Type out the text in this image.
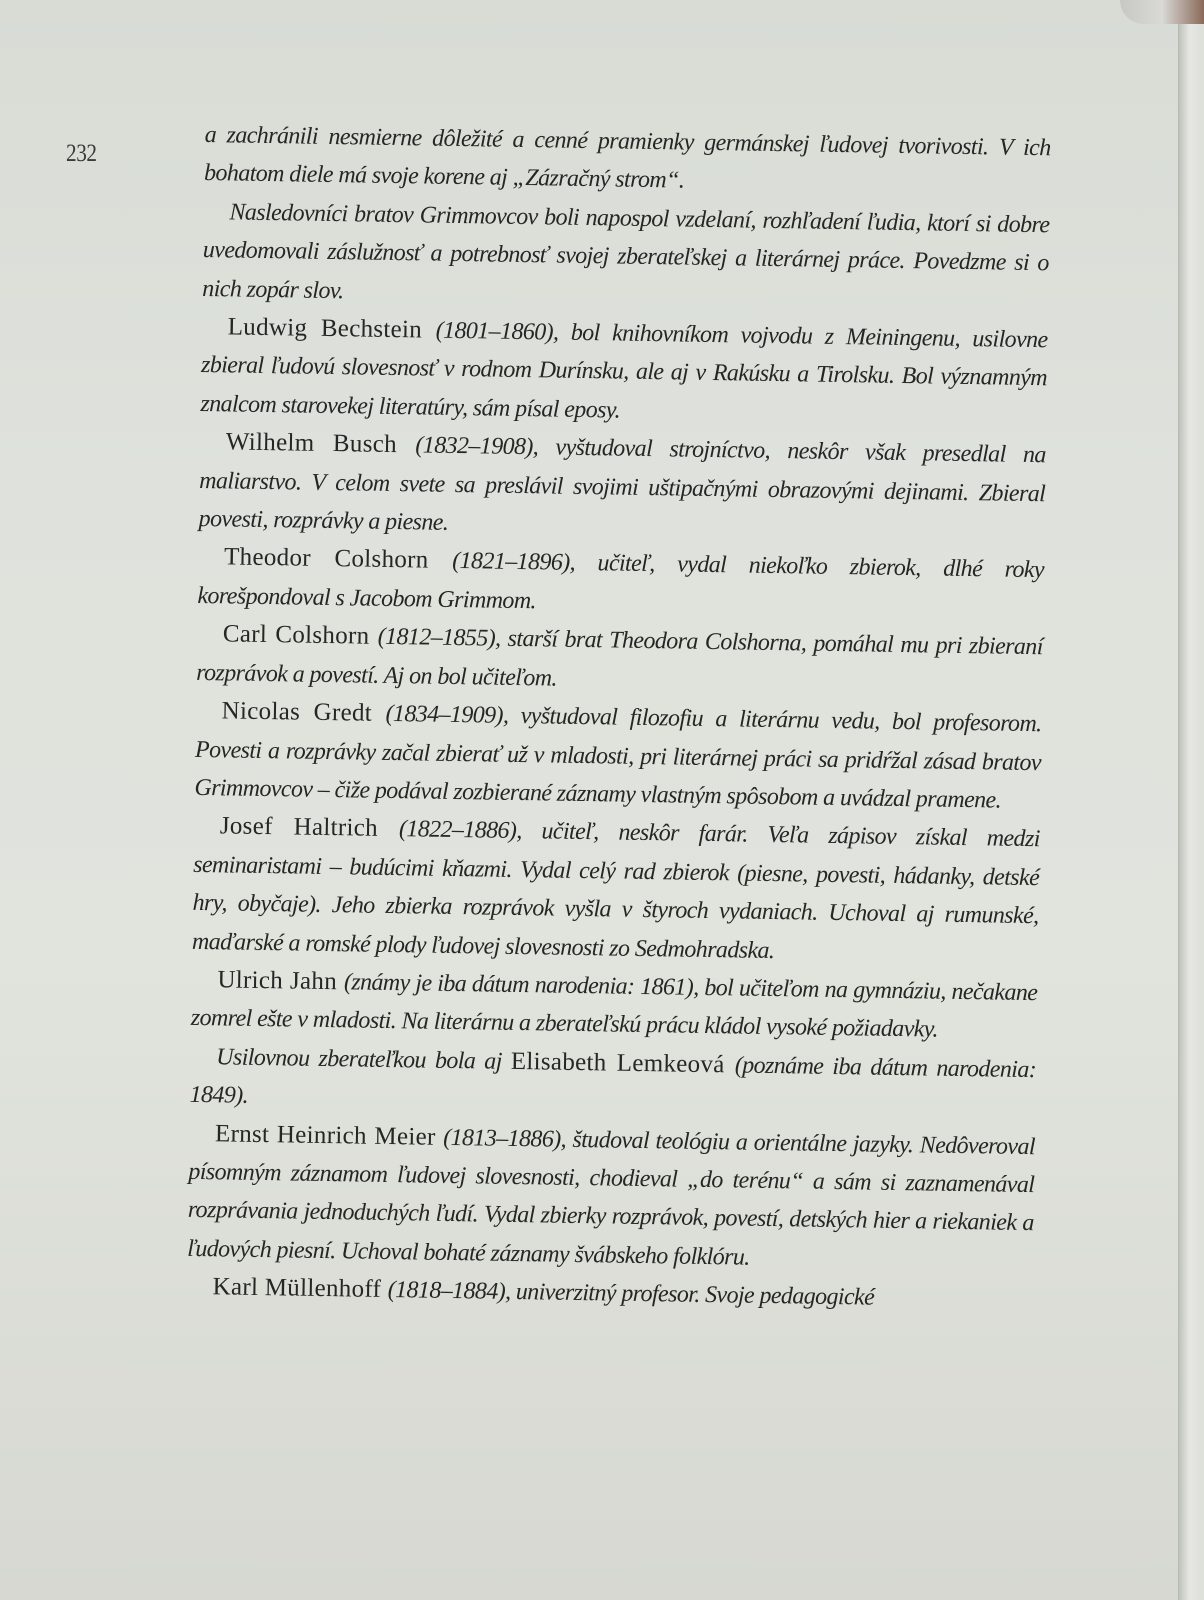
232	a zachránili nesmierne dôležité a cenné pramienky germánskej ľudovej tvorivosti. V ich bohatom diele má svoje korene aj „Zázračný strom“.

Nasledovníci bratov Grimmovcov boli napospol vzdelaní, rozhľadení ľudia, ktorí si dobre uvedomovali záslužnosť a potrebnosť svojej zberateľskej a literárnej práce. Povedzme si o nich zopár slov.

Ludwig Bechstein (1801–1860), bol knihovníkom vojvodu z Meiningenu, usilovne zbieral ľudovú slovesnosť v rodnom Durínsku, ale aj v Rakúsku a Tirolsku. Bol významným znalcom starovekej literatúry, sám písal eposy.

Wilhelm Busch (1832–1908), vyštudoval strojníctvo, neskôr však presedlal na maliarstvo. V celom svete sa preslávil svojimi uštipačnými obrazovými dejinami. Zbieral povesti, rozprávky a piesne.

Theodor Colshorn (1821–1896), učiteľ, vydal niekoľko zbierok, dlhé roky korešpondoval s Jacobom Grimmom.

Carl Colshorn (1812–1855), starší brat Theodora Colshorna, pomáhal mu pri zbieraní rozprávok a povestí. Aj on bol učiteľom.

Nicolas Gredt (1834–1909), vyštudoval filozofiu a literárnu vedu, bol profesorom. Povesti a rozprávky začal zbierať už v mladosti, pri literárnej práci sa pridŕžal zásad bratov Grimmovcov – čiže podával zozbierané záznamy vlastným spôsobom a uvádzal pramene.

Josef Haltrich (1822–1886), učiteľ, neskôr farár. Veľa zápisov získal medzi seminaristami – budúcimi kňazmi. Vydal celý rad zbierok (piesne, povesti, hádanky, detské hry, obyčaje). Jeho zbierka rozprávok vyšla v štyroch vydaniach. Uchoval aj rumunské, maďarské a romské plody ľudovej slovesnosti zo Sedmohradska.

Ulrich Jahn (známy je iba dátum narodenia: 1861), bol učiteľom na gymnáziu, nečakane zomrel ešte v mladosti. Na literárnu a zberateľskú prácu kládol vysoké požiadavky.

Usilovnou zberateľkou bola aj Elisabeth Lemkeová (poznáme iba dátum narodenia: 1849).

Ernst Heinrich Meier (1813–1886), študoval teológiu a orientálne jazyky. Nedôveroval písomným záznamom ľudovej slovesnosti, chodieval „do terénu“ a sám si zaznamenával rozprávania jednoduchých ľudí. Vydal zbierky rozprávok, povestí, detských hier a riekaniek a ľudových piesní. Uchoval bohaté záznamy švábskeho folklóru.

Karl Müllenhoff (1818–1884), univerzitný profesor. Svoje pedagogické
